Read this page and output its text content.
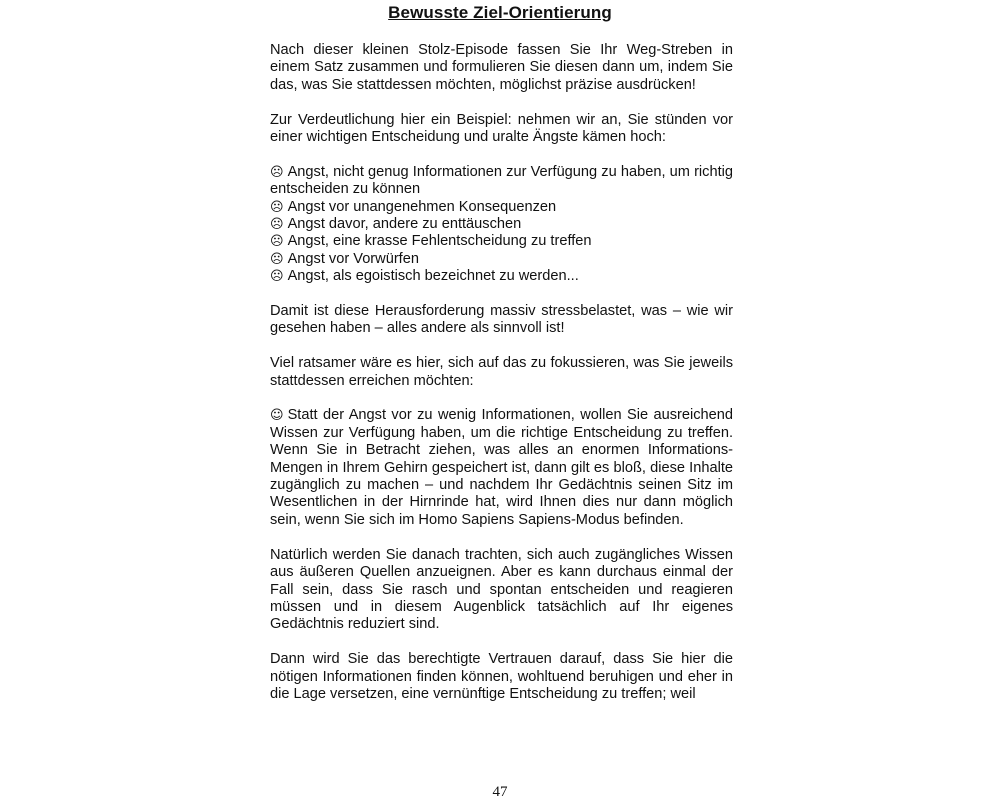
Bewusste Ziel-Orientierung

Nach dieser kleinen Stolz-Episode fassen Sie Ihr Weg-Streben in einem Satz zusammen und formulieren Sie diesen dann um, indem Sie das, was Sie stattdessen möchten, möglichst präzise ausdrücken!

Zur Verdeutlichung hier ein Beispiel: nehmen wir an, Sie stünden vor einer wichtigen Entscheidung und uralte Ängste kämen hoch:

☹ Angst, nicht genug Informationen zur Verfügung zu haben, um richtig entscheiden zu können
☹ Angst vor unangenehmen Konsequenzen
☹ Angst davor, andere zu enttäuschen
☹ Angst, eine krasse Fehlentscheidung zu treffen
☹ Angst vor Vorwürfen
☹ Angst, als egoistisch bezeichnet zu werden...

Damit ist diese Herausforderung massiv stressbelastet, was – wie wir gesehen haben – alles andere als sinnvoll ist!

Viel ratsamer wäre es hier, sich auf das zu fokussieren, was Sie jeweils stattdessen erreichen möchten:

☺ Statt der Angst vor zu wenig Informationen, wollen Sie ausreichend Wissen zur Verfügung haben, um die richtige Entscheidung zu treffen. Wenn Sie in Betracht ziehen, was alles an enormen Informations-Mengen in Ihrem Gehirn gespeichert ist, dann gilt es bloß, diese Inhalte zugänglich zu machen – und nachdem Ihr Gedächtnis seinen Sitz im Wesentlichen in der Hirnrinde hat, wird Ihnen dies nur dann möglich sein, wenn Sie sich im Homo Sapiens Sapiens-Modus befinden.

Natürlich werden Sie danach trachten, sich auch zugängliches Wissen aus äußeren Quellen anzueignen. Aber es kann durchaus einmal der Fall sein, dass Sie rasch und spontan entscheiden und reagieren müssen und in diesem Augenblick tatsächlich auf Ihr eigenes Gedächtnis reduziert sind.

Dann wird Sie das berechtigte Vertrauen darauf, dass Sie hier die nötigen Informationen finden können, wohltuend beruhigen und eher in die Lage versetzen, eine vernünftige Entscheidung zu treffen; weil

47
